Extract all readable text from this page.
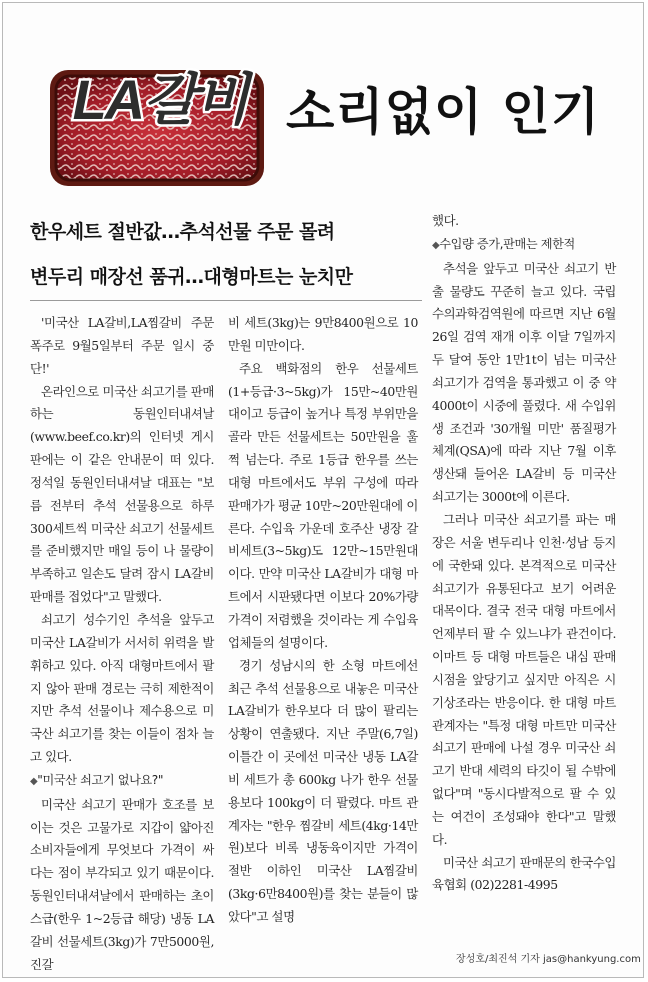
LA갈비 소리없이 인기
한우세트 절반값…추석선물 주문 몰려
변두리 매장선 품귀…대형마트는 눈치만

'미국산 LA갈비,LA찜갈비 주문 폭주로 9월5일부터 주문 일시 중단!'

온라인으로 미국산 쇠고기를 판매하는 동원인터내셔날(www.beef.co.kr)의 인터넷 게시판에는 이 같은 안내문이 떠 있다. 정석일 동원인터내셔날 대표는 "보름 전부터 추석 선물용으로 하루 300세트씩 미국산 쇠고기 선물세트를 준비했지만 매일 등이 나 물량이 부족하고 일손도 달려 잠시 LA갈비 판매를 접었다"고 말했다.

쇠고기 성수기인 추석을 앞두고 미국산 LA갈비가 서서히 위력을 발휘하고 있다. 아직 대형마트에서 팔지 않아 판매 경로는 극히 제한적이지만 추석 선물이나 제수용으로 미국산 쇠고기를 찾는 이들이 점차 늘고 있다.

◆"미국산 쇠고기 없나요?"

미국산 쇠고기 판매가 호조를 보이는 것은 고물가로 지갑이 얇아진 소비자들에게 무엇보다 가격이 싸다는 점이 부각되고 있기 때문이다. 동원인터내셔날에서 판매하는 초이스급(한우 1~2등급 해당) 냉동 LA갈비 선물세트(3kg)가 7만5000원,진갈

비 세트(3kg)는 9만8400원으로 10만원 미만이다.

주요 백화점의 한우 선물세트(1+등급·3~5kg)가 15만~40만원대이고 등급이 높거나 특정 부위만을 골라 만든 선물세트는 50만원을 훌쩍 넘는다. 주로 1등급 한우를 쓰는 대형 마트에서도 부위 구성에 따라 판매가가 평균 10만~20만원대에 이른다. 수입육 가운데 호주산 냉장 갈비세트(3~5kg)도 12만~15만원대이다. 만약 미국산 LA갈비가 대형 마트에서 시판됐다면 이보다 20%가량 가격이 저렴했을 것이라는 게 수입육 업체들의 설명이다.

경기 성남시의 한 소형 마트에선 최근 추석 선물용으로 내놓은 미국산 LA갈비가 한우보다 더 많이 팔리는 상황이 연출됐다. 지난 주말(6,7일) 이틀간 이 곳에선 미국산 냉동 LA갈비 세트가 총 600kg 나가 한우 선물용보다 100kg이 더 팔렸다. 마트 관계자는 "한우 찜갈비 세트(4kg·14만원)보다 비록 냉동육이지만 가격이 절반 이하인 미국산 LA찜갈비(3kg·6만8400원)를 찾는 분들이 많았다"고 설명

했다.

◆수입량 증가,판매는 제한적

추석을 앞두고 미국산 쇠고기 반출 물량도 꾸준히 늘고 있다. 국립 수의과학검역원에 따르면 지난 6월26일 검역 재개 이후 이달 7일까지 두 달여 동안 1만1t이 넘는 미국산 쇠고기가 검역을 통과했고 이 중 약 4000t이 시중에 풀렸다. 새 수입위생 조건과 '30개월 미만' 품질평가 체계(QSA)에 따라 지난 7월 이후 생산돼 들어온 LA갈비 등 미국산 쇠고기는 3000t에 이른다.

그러나 미국산 쇠고기를 파는 매장은 서울 변두리나 인천·성남 등지에 국한돼 있다. 본격적으로 미국산 쇠고기가 유통된다고 보기 어려운 대목이다. 결국 전국 대형 마트에서 언제부터 팔 수 있느냐가 관건이다. 이마트 등 대형 마트들은 내심 판매 시점을 앞당기고 싶지만 아직은 시기상조라는 반응이다. 한 대형 마트 관계자는 "특정 대형 마트만 미국산 쇠고기 판매에 나설 경우 미국산 쇠고기 반대 세력의 타깃이 될 수밖에 없다"며 "동시다발적으로 팔 수 있는 여건이 조성돼야 한다"고 말했다.

미국산 쇠고기 판매문의 한국수입육협회 (02)2281-4995

장성호/최진석 기자 jas@hankyung.com
